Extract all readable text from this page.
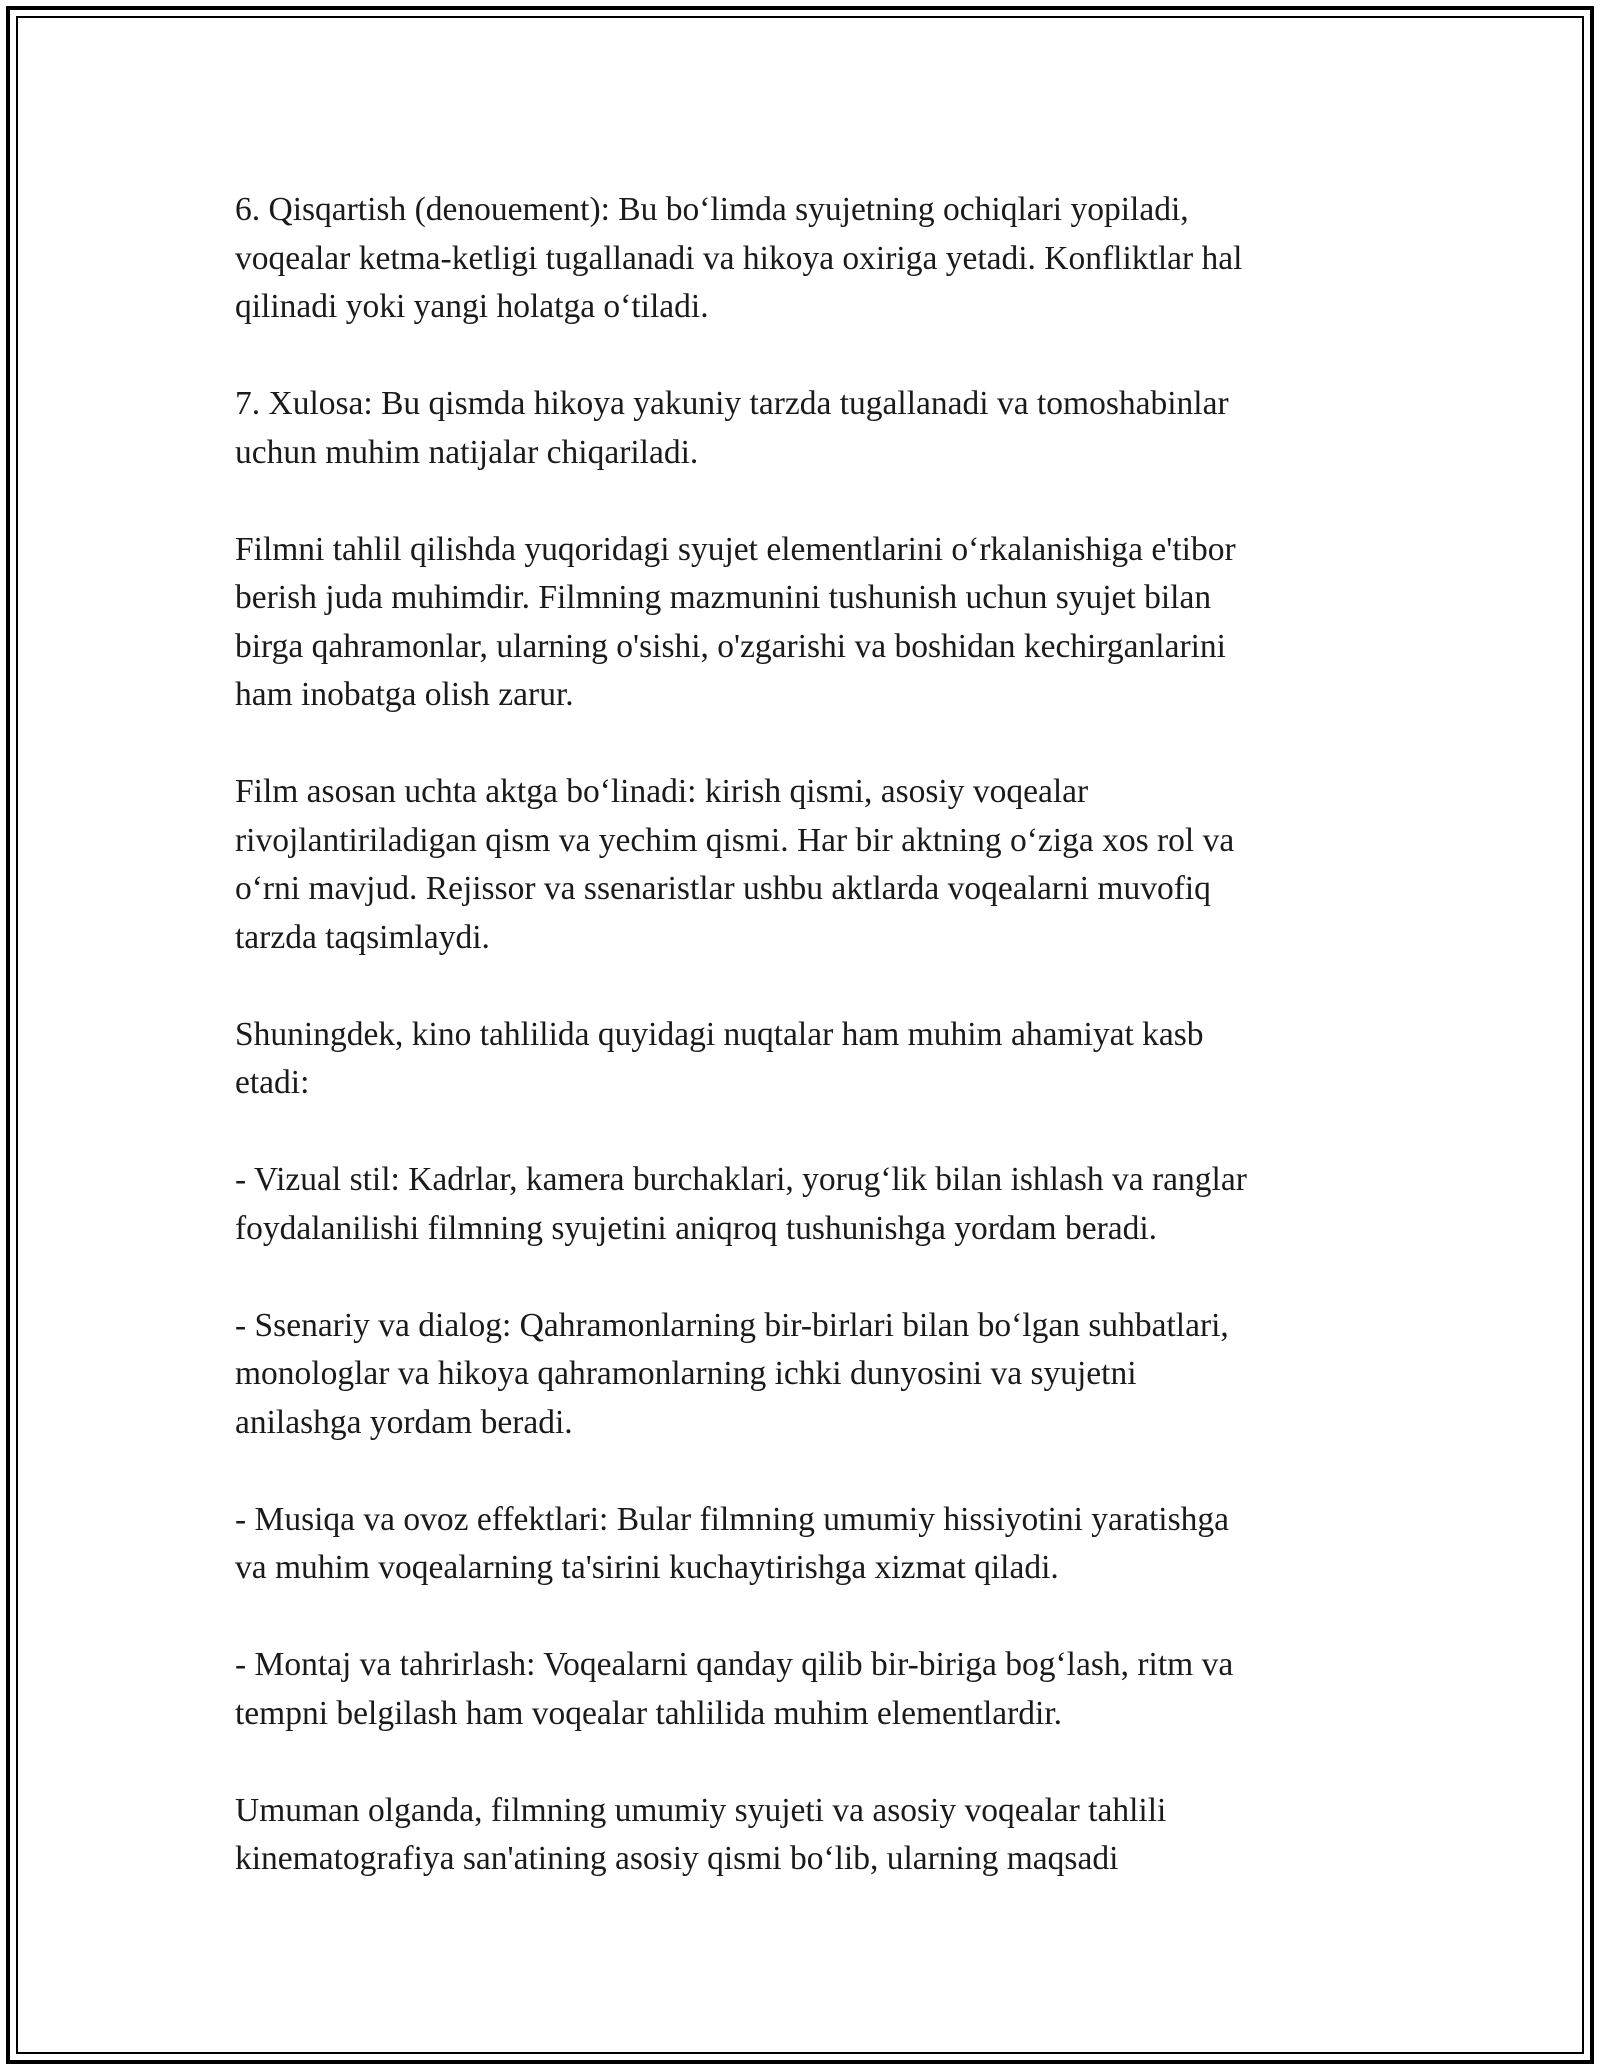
6. Qisqartish (denouement): Bu bo‘limda syujetning ochiqlari yopiladi,
voqealar ketma-ketligi tugallanadi va hikoya oxiriga yetadi. Konfliktlar hal
qilinadi yoki yangi holatga o‘tiladi.

7. Xulosa: Bu qismda hikoya yakuniy tarzda tugallanadi va tomoshabinlar
uchun muhim natijalar chiqariladi.

Filmni tahlil qilishda yuqoridagi syujet elementlarini o‘rkalanishiga e'tibor
berish juda muhimdir. Filmning mazmunini tushunish uchun syujet bilan
birga qahramonlar, ularning o'sishi, o'zgarishi va boshidan kechirganlarini
ham inobatga olish zarur.

Film asosan uchta aktga bo‘linadi: kirish qismi, asosiy voqealar
rivojlantiriladigan qism va yechim qismi. Har bir aktning o‘ziga xos rol va
o‘rni mavjud. Rejissor va ssenaristlar ushbu aktlarda voqealarni muvofiq
tarzda taqsimlaydi.

Shuningdek, kino tahlilida quyidagi nuqtalar ham muhim ahamiyat kasb
etadi:

- Vizual stil: Kadrlar, kamera burchaklari, yorug‘lik bilan ishlash va ranglar
foydalanilishi filmning syujetini aniqroq tushunishga yordam beradi.

- Ssenariy va dialog: Qahramonlarning bir-birlari bilan bo‘lgan suhbatlari,
monologlar va hikoya qahramonlarning ichki dunyosini va syujetni
anilashga yordam beradi.

- Musiqa va ovoz effektlari: Bular filmning umumiy hissiyotini yaratishga
va muhim voqealarning ta'sirini kuchaytirishga xizmat qiladi.

- Montaj va tahrirlash: Voqealarni qanday qilib bir-biriga bog‘lash, ritm va
tempni belgilash ham voqealar tahlilida muhim elementlardir.

Umuman olganda, filmning umumiy syujeti va asosiy voqealar tahlili
kinematografiya san'atining asosiy qismi bo‘lib, ularning maqsadi
